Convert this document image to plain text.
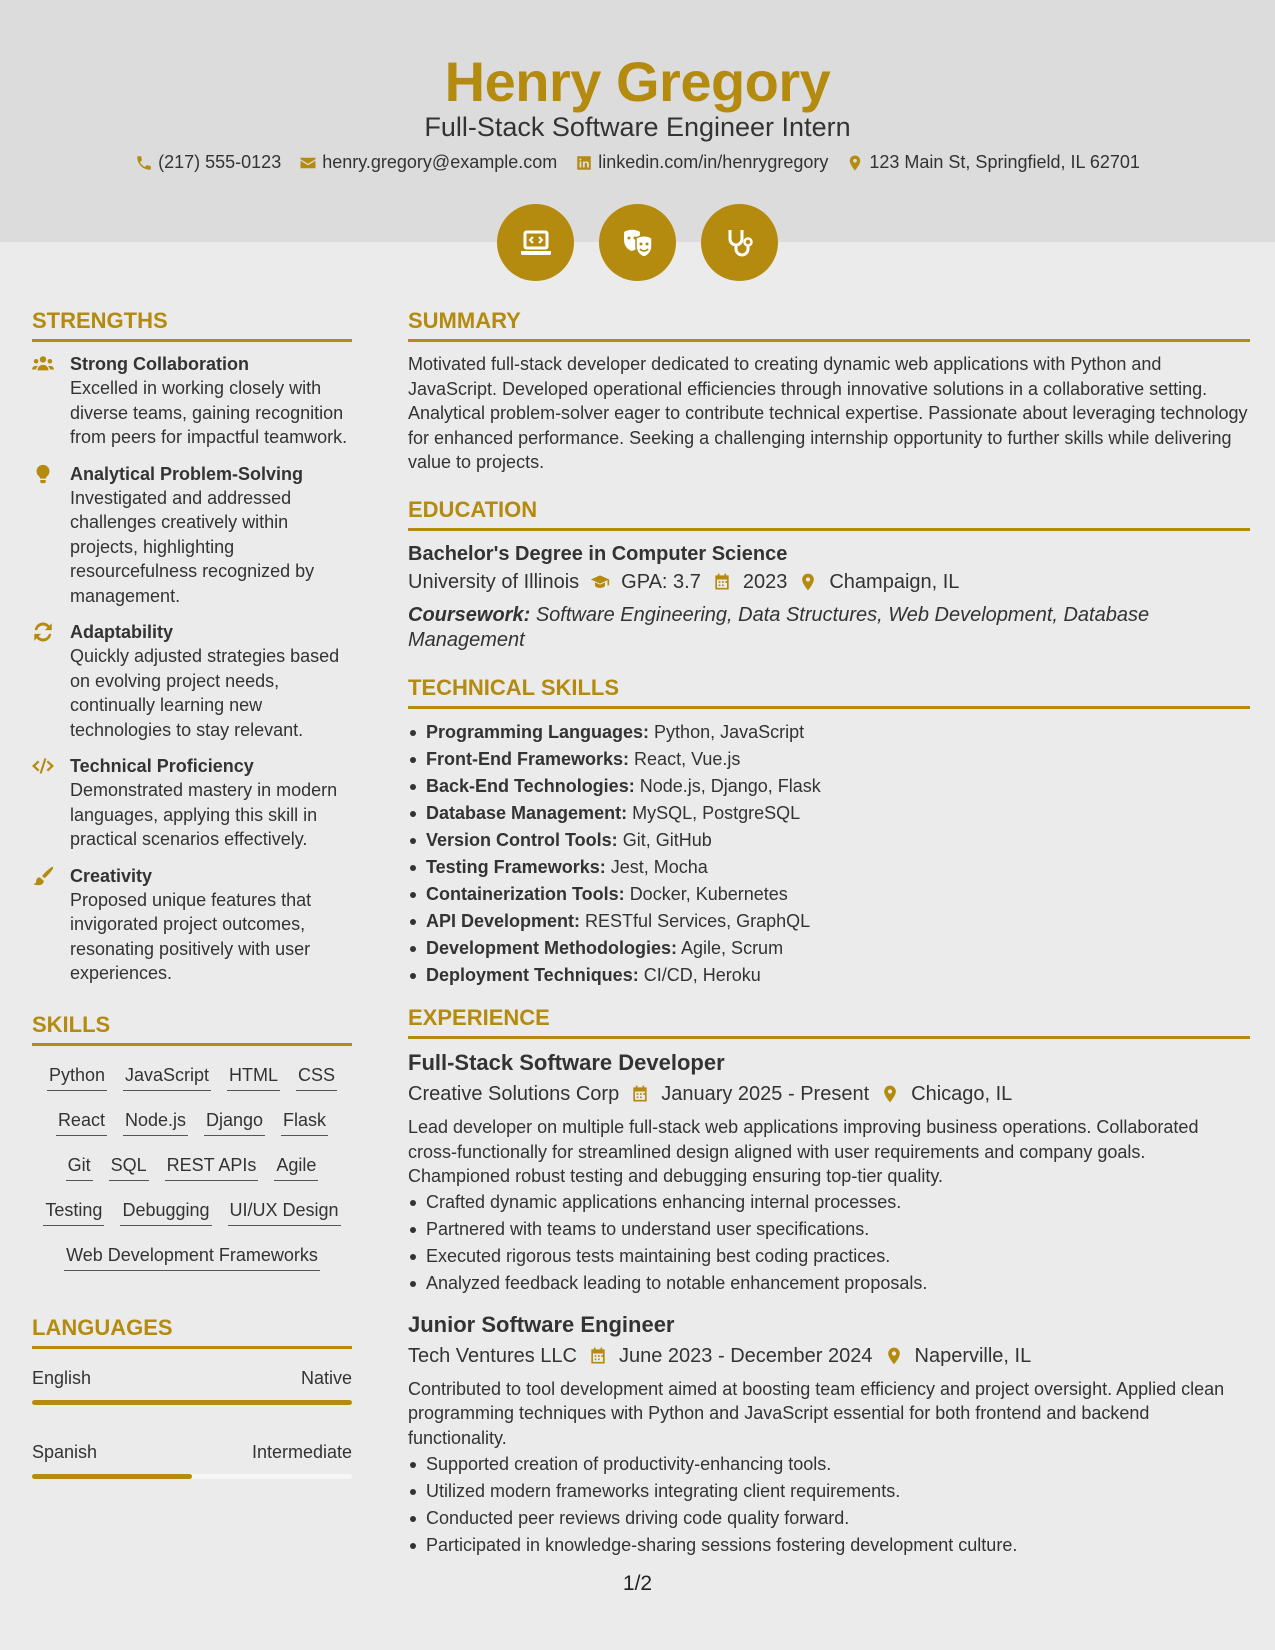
Henry Gregory
Full-Stack Software Engineer Intern
(217) 555-0123 henry.gregory@example.com linkedin.com/in/henrygregory 123 Main St, Springfield, IL 62701
STRENGTHS
Strong Collaboration
Excelled in working closely with diverse teams, gaining recognition from peers for impactful teamwork.
Analytical Problem-Solving
Investigated and addressed challenges creatively within projects, highlighting resourcefulness recognized by management.
Adaptability
Quickly adjusted strategies based on evolving project needs, continually learning new technologies to stay relevant.
Technical Proficiency
Demonstrated mastery in modern languages, applying this skill in practical scenarios effectively.
Creativity
Proposed unique features that invigorated project outcomes, resonating positively with user experiences.
SKILLS
Python JavaScript HTML CSS
React Node.js Django Flask
Git SQL REST APIs Agile
Testing Debugging UI/UX Design
Web Development Frameworks
LANGUAGES
English	Native
Spanish	Intermediate
SUMMARY

Motivated full-stack developer dedicated to creating dynamic web applications with Python and JavaScript. Developed operational efficiencies through innovative solutions in a collaborative setting. Analytical problem-solver eager to contribute technical expertise. Passionate about leveraging technology for enhanced performance. Seeking a challenging internship opportunity to further skills while delivering value to projects.

EDUCATION
Bachelor's Degree in Computer Science
University of Illinois GPA: 3.7 2023 Champaign, IL
Coursework: Software Engineering, Data Structures, Web Development, Database Management
TECHNICAL SKILLS
Programming Languages: Python, JavaScript
Front-End Frameworks: React, Vue.js
Back-End Technologies: Node.js, Django, Flask
Database Management: MySQL, PostgreSQL
Version Control Tools: Git, GitHub
Testing Frameworks: Jest, Mocha
Containerization Tools: Docker, Kubernetes
API Development: RESTful Services, GraphQL
Development Methodologies: Agile, Scrum
Deployment Techniques: CI/CD, Heroku
EXPERIENCE
Full-Stack Software Developer
Creative Solutions Corp January 2025 - Present Chicago, IL

Lead developer on multiple full-stack web applications improving business operations. Collaborated cross-functionally for streamlined design aligned with user requirements and company goals. Championed robust testing and debugging ensuring top-tier quality.

Crafted dynamic applications enhancing internal processes.
Partnered with teams to understand user specifications.
Executed rigorous tests maintaining best coding practices.
Analyzed feedback leading to notable enhancement proposals.
Junior Software Engineer
Tech Ventures LLC June 2023 - December 2024 Naperville, IL

Contributed to tool development aimed at boosting team efficiency and project oversight. Applied clean programming techniques with Python and JavaScript essential for both frontend and backend functionality.

Supported creation of productivity-enhancing tools.
Utilized modern frameworks integrating client requirements.
Conducted peer reviews driving code quality forward.
Participated in knowledge-sharing sessions fostering development culture.
1/2
